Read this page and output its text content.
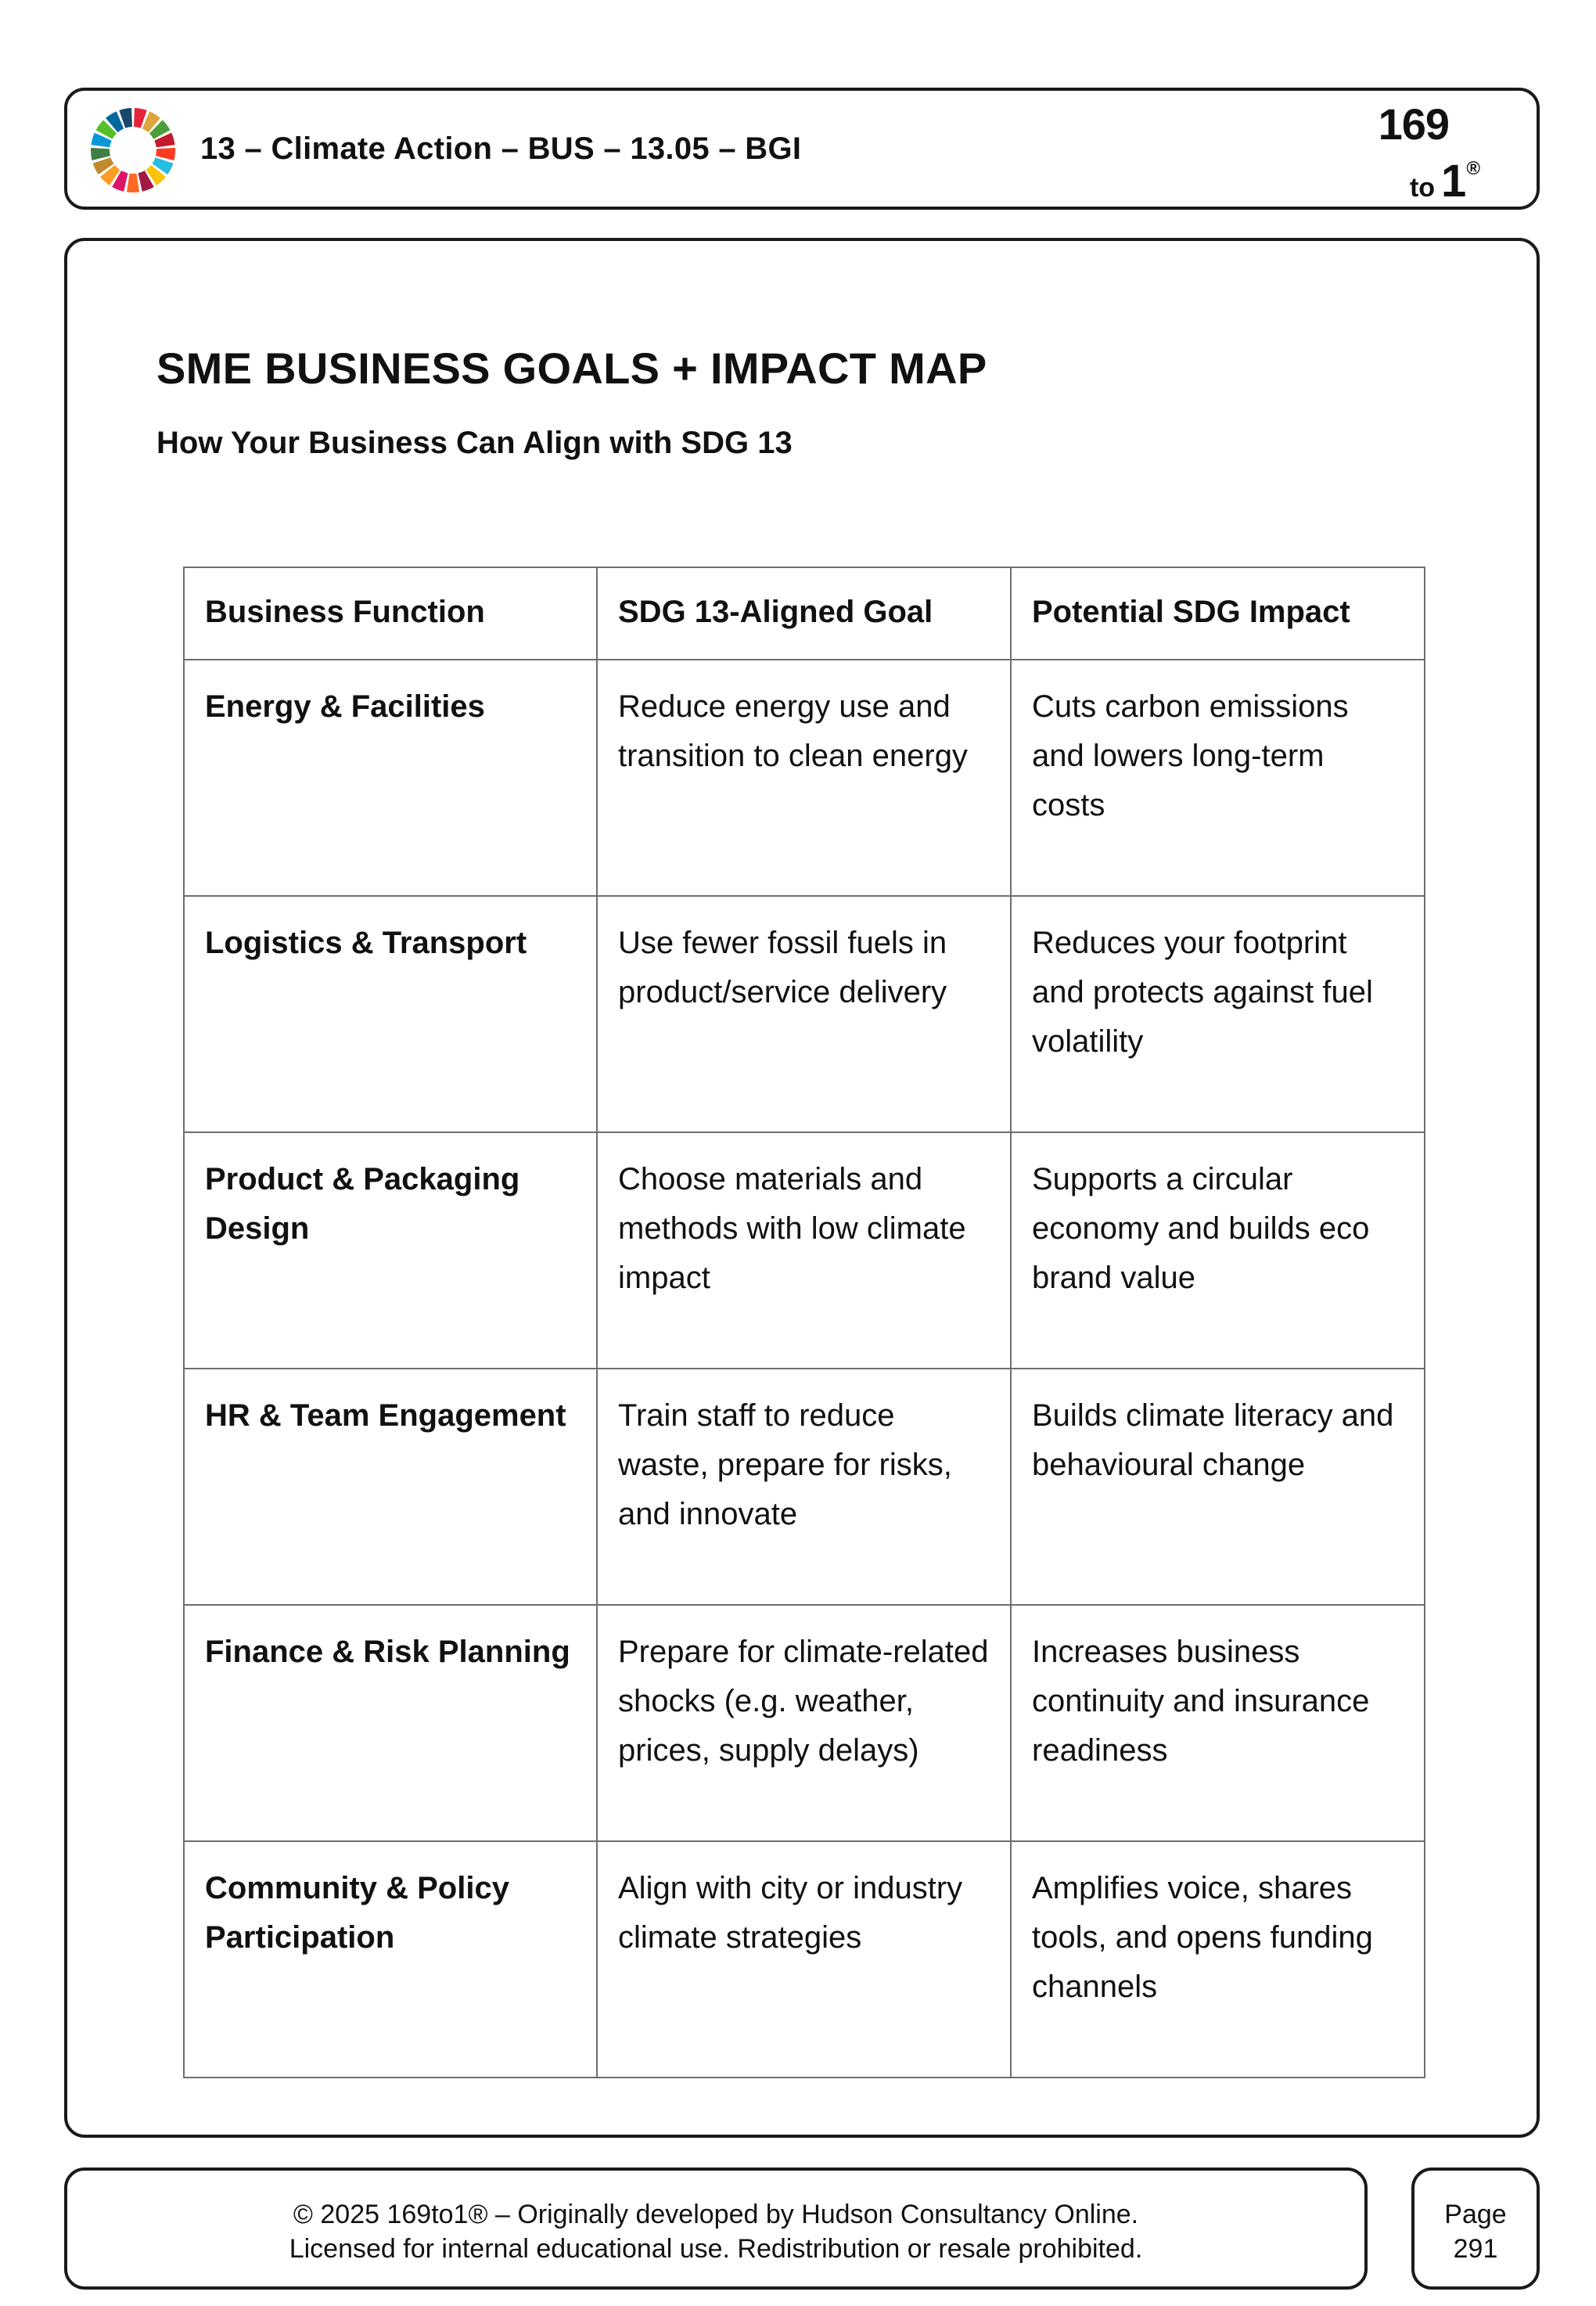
13 – Climate Action – BUS – 13.05 – BGI	169
to 1®
SME BUSINESS GOALS + IMPACT MAP
How Your Business Can Align with SDG 13
Business Function	SDG 13-Aligned Goal	Potential SDG Impact
Energy & Facilities	Reduce energy use and transition to clean energy	Cuts carbon emissions and lowers long-term costs
Logistics & Transport	Use fewer fossil fuels in product/service delivery	Reduces your footprint and protects against fuel volatility
Product & Packaging Design	Choose materials and methods with low climate impact	Supports a circular economy and builds eco brand value
HR & Team Engagement	Train staff to reduce waste, prepare for risks, and innovate	Builds climate literacy and behavioural change
Finance & Risk Planning	Prepare for climate-related shocks (e.g. weather, prices, supply delays)	Increases business continuity and insurance readiness
Community & Policy Participation	Align with city or industry climate strategies	Amplifies voice, shares tools, and opens funding channels
© 2025 169to1® – Originally developed by Hudson Consultancy Online.
Licensed for internal educational use. Redistribution or resale prohibited.
Page
291
